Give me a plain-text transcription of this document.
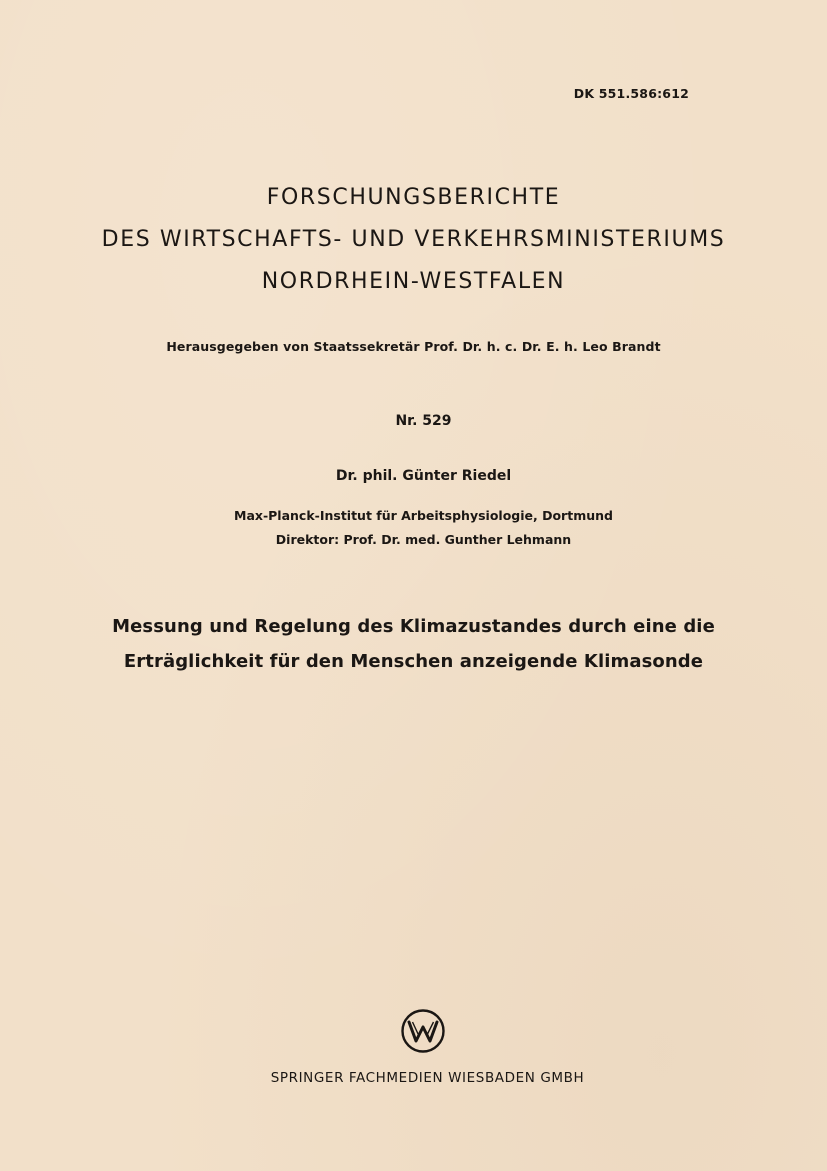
DK 551.586:612
FORSCHUNGSBERICHTE
DES WIRTSCHAFTS- UND VERKEHRSMINISTERIUMS
NORDRHEIN-WESTFALEN
Herausgegeben von Staatssekretär Prof. Dr. h. c. Dr. E. h. Leo Brandt
Nr. 529
Dr. phil. Günter Riedel
Max-Planck-Institut für Arbeitsphysiologie, Dortmund
Direktor: Prof. Dr. med. Gunther Lehmann
Messung und Regelung des Klimazustandes durch eine die
Erträglichkeit für den Menschen anzeigende Klimasonde
SPRINGER FACHMEDIEN WIESBADEN GMBH
